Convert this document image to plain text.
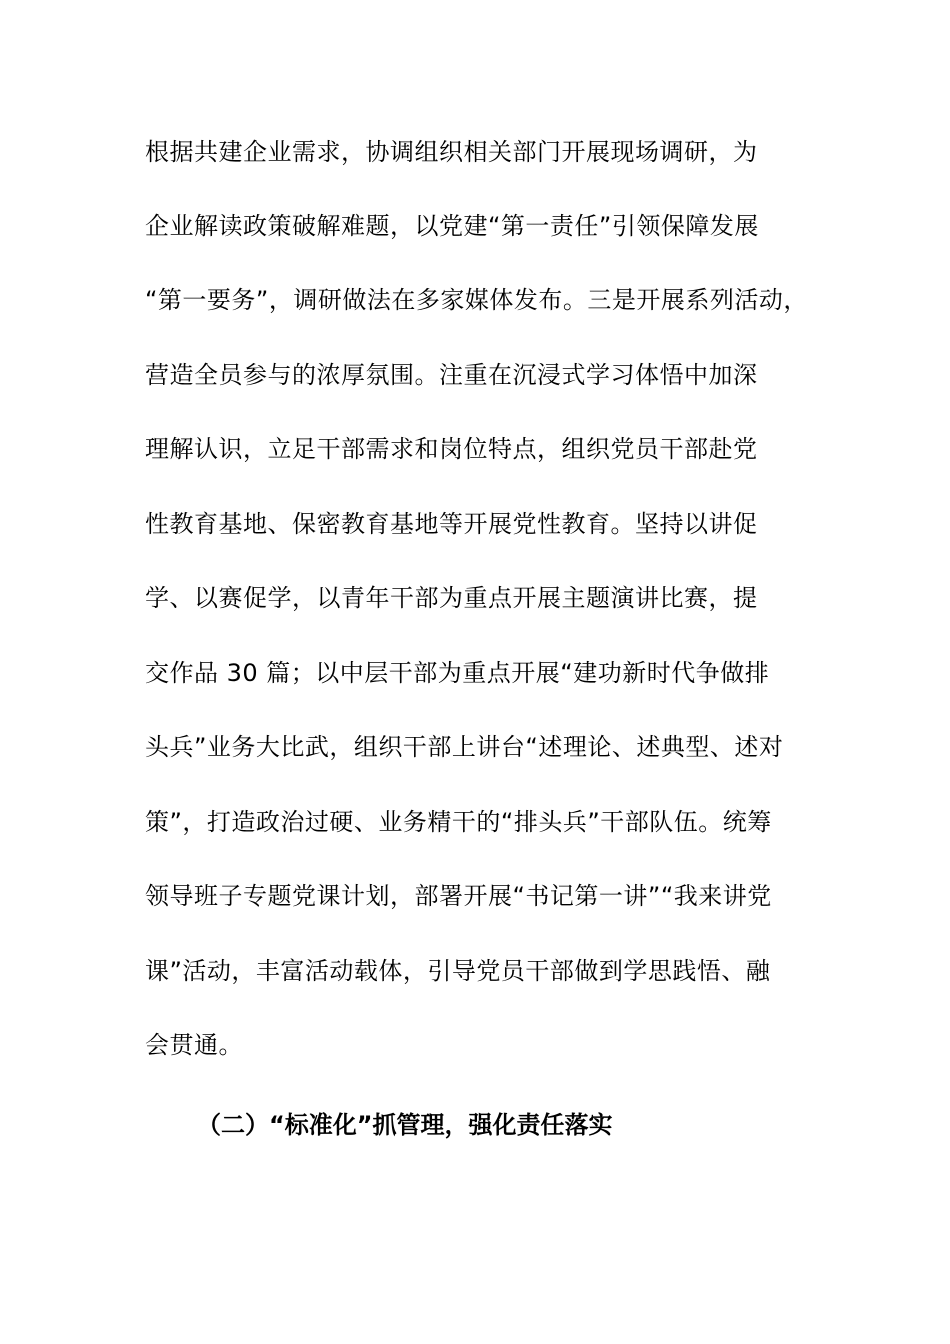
根据共建企业需求，协调组织相关部门开展现场调研，为
企业解读政策破解难题，以党建“第一责任”引领保障发展
“第一要务”，调研做法在多家媒体发布。三是开展系列活动，
营造全员参与的浓厚氛围。注重在沉浸式学习体悟中加深
理解认识，立足干部需求和岗位特点，组织党员干部赴党
性教育基地、保密教育基地等开展党性教育。坚持以讲促
学、以赛促学，以青年干部为重点开展主题演讲比赛，提
交作品 30 篇；以中层干部为重点开展“建功新时代争做排
头兵”业务大比武，组织干部上讲台“述理论、述典型、述对
策”，打造政治过硬、业务精干的“排头兵”干部队伍。统筹
领导班子专题党课计划，部署开展“书记第一讲”“我来讲党
课”活动，丰富活动载体，引导党员干部做到学思践悟、融
会贯通。
（二）“标准化”抓管理，强化责任落实
